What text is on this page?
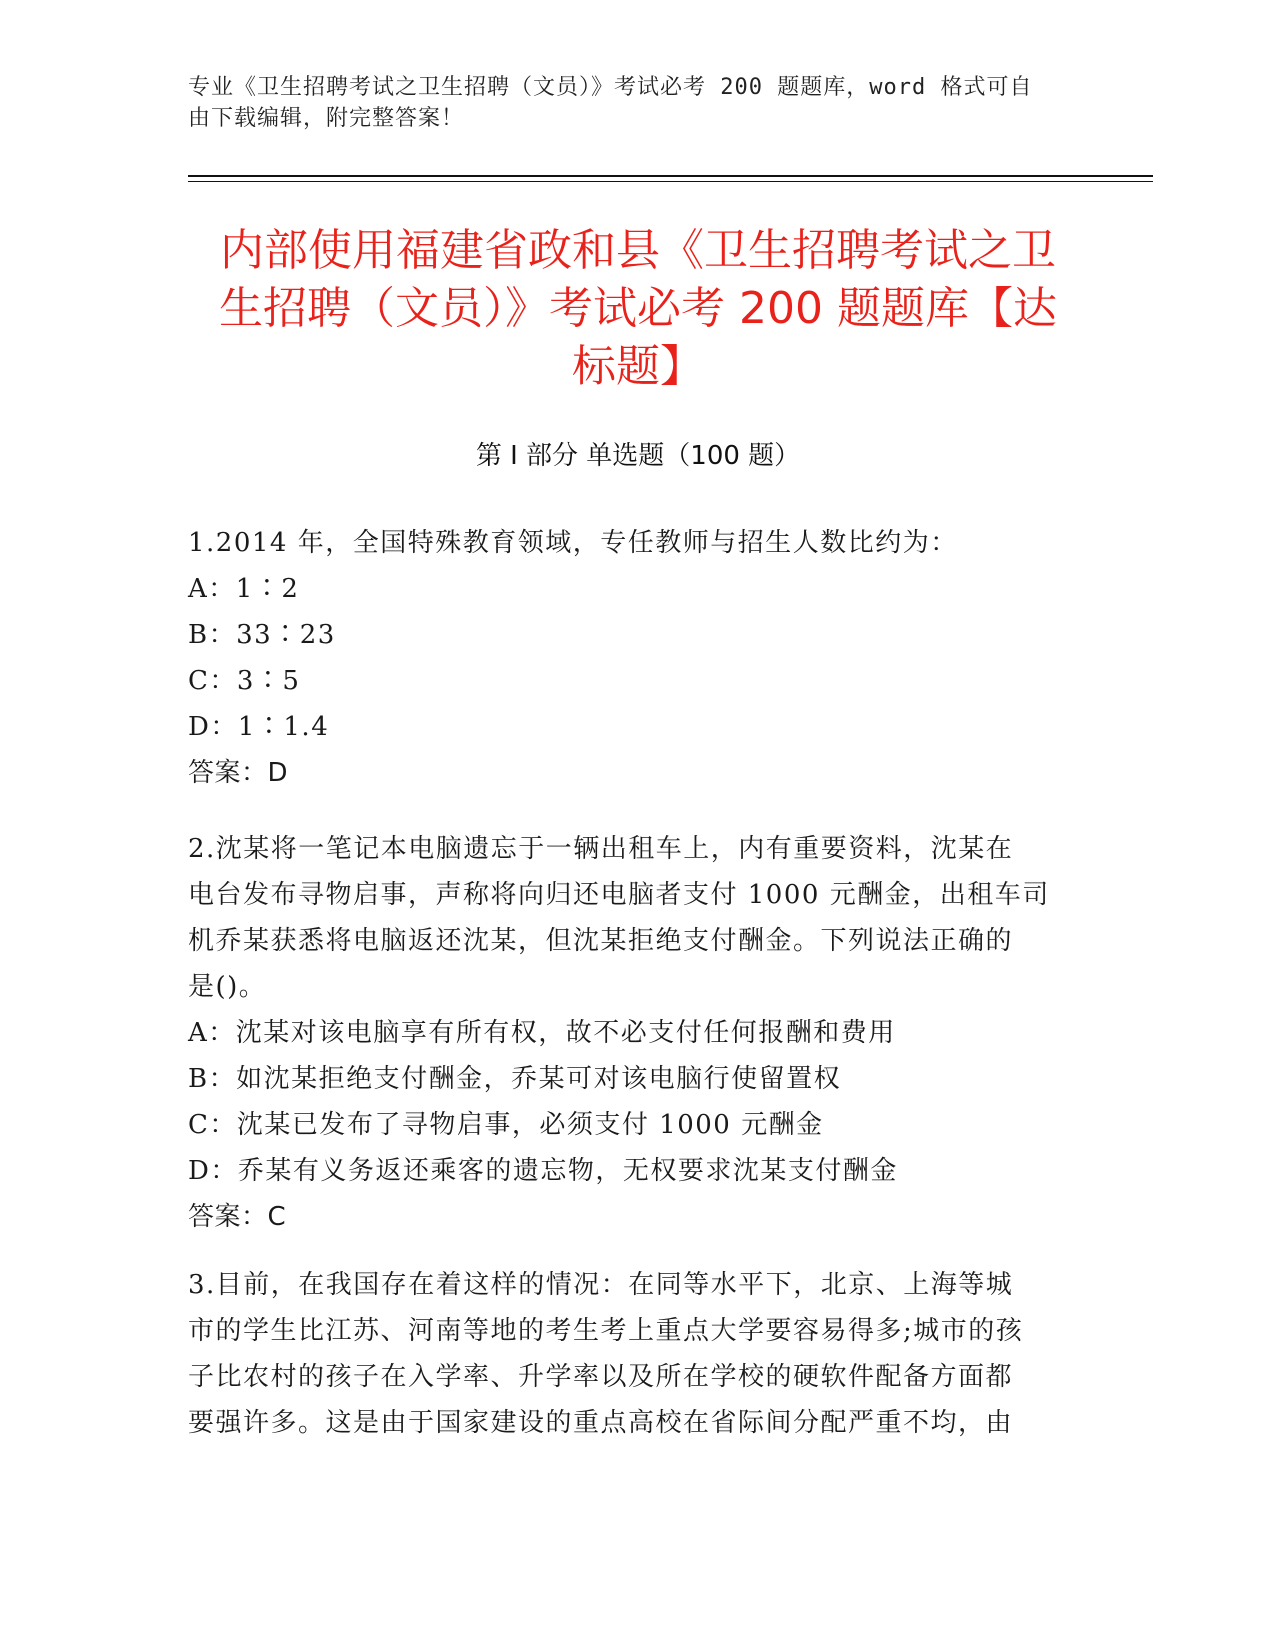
专业《卫生招聘考试之卫生招聘（文员）》考试必考 200 题题库，word 格式可自
由下载编辑，附完整答案！
内部使用福建省政和县《卫生招聘考试之卫
生招聘（文员）》考试必考 200 题题库【达
标题】
第 I 部分 单选题（100 题）
1.2014 年，全国特殊教育领域，专任教师与招生人数比约为：
A：1∶2
B：33∶23
C：3∶5
D：1∶1.4
答案：D
2.沈某将一笔记本电脑遗忘于一辆出租车上，内有重要资料，沈某在
电台发布寻物启事，声称将向归还电脑者支付 1000 元酬金，出租车司
机乔某获悉将电脑返还沈某，但沈某拒绝支付酬金。下列说法正确的
是()。
A：沈某对该电脑享有所有权，故不必支付任何报酬和费用
B：如沈某拒绝支付酬金，乔某可对该电脑行使留置权
C：沈某已发布了寻物启事，必须支付 1000 元酬金
D：乔某有义务返还乘客的遗忘物，无权要求沈某支付酬金
答案：C
3.目前，在我国存在着这样的情况：在同等水平下，北京、上海等城
市的学生比江苏、河南等地的考生考上重点大学要容易得多;城市的孩
子比农村的孩子在入学率、升学率以及所在学校的硬软件配备方面都
要强许多。这是由于国家建设的重点高校在省际间分配严重不均，由
